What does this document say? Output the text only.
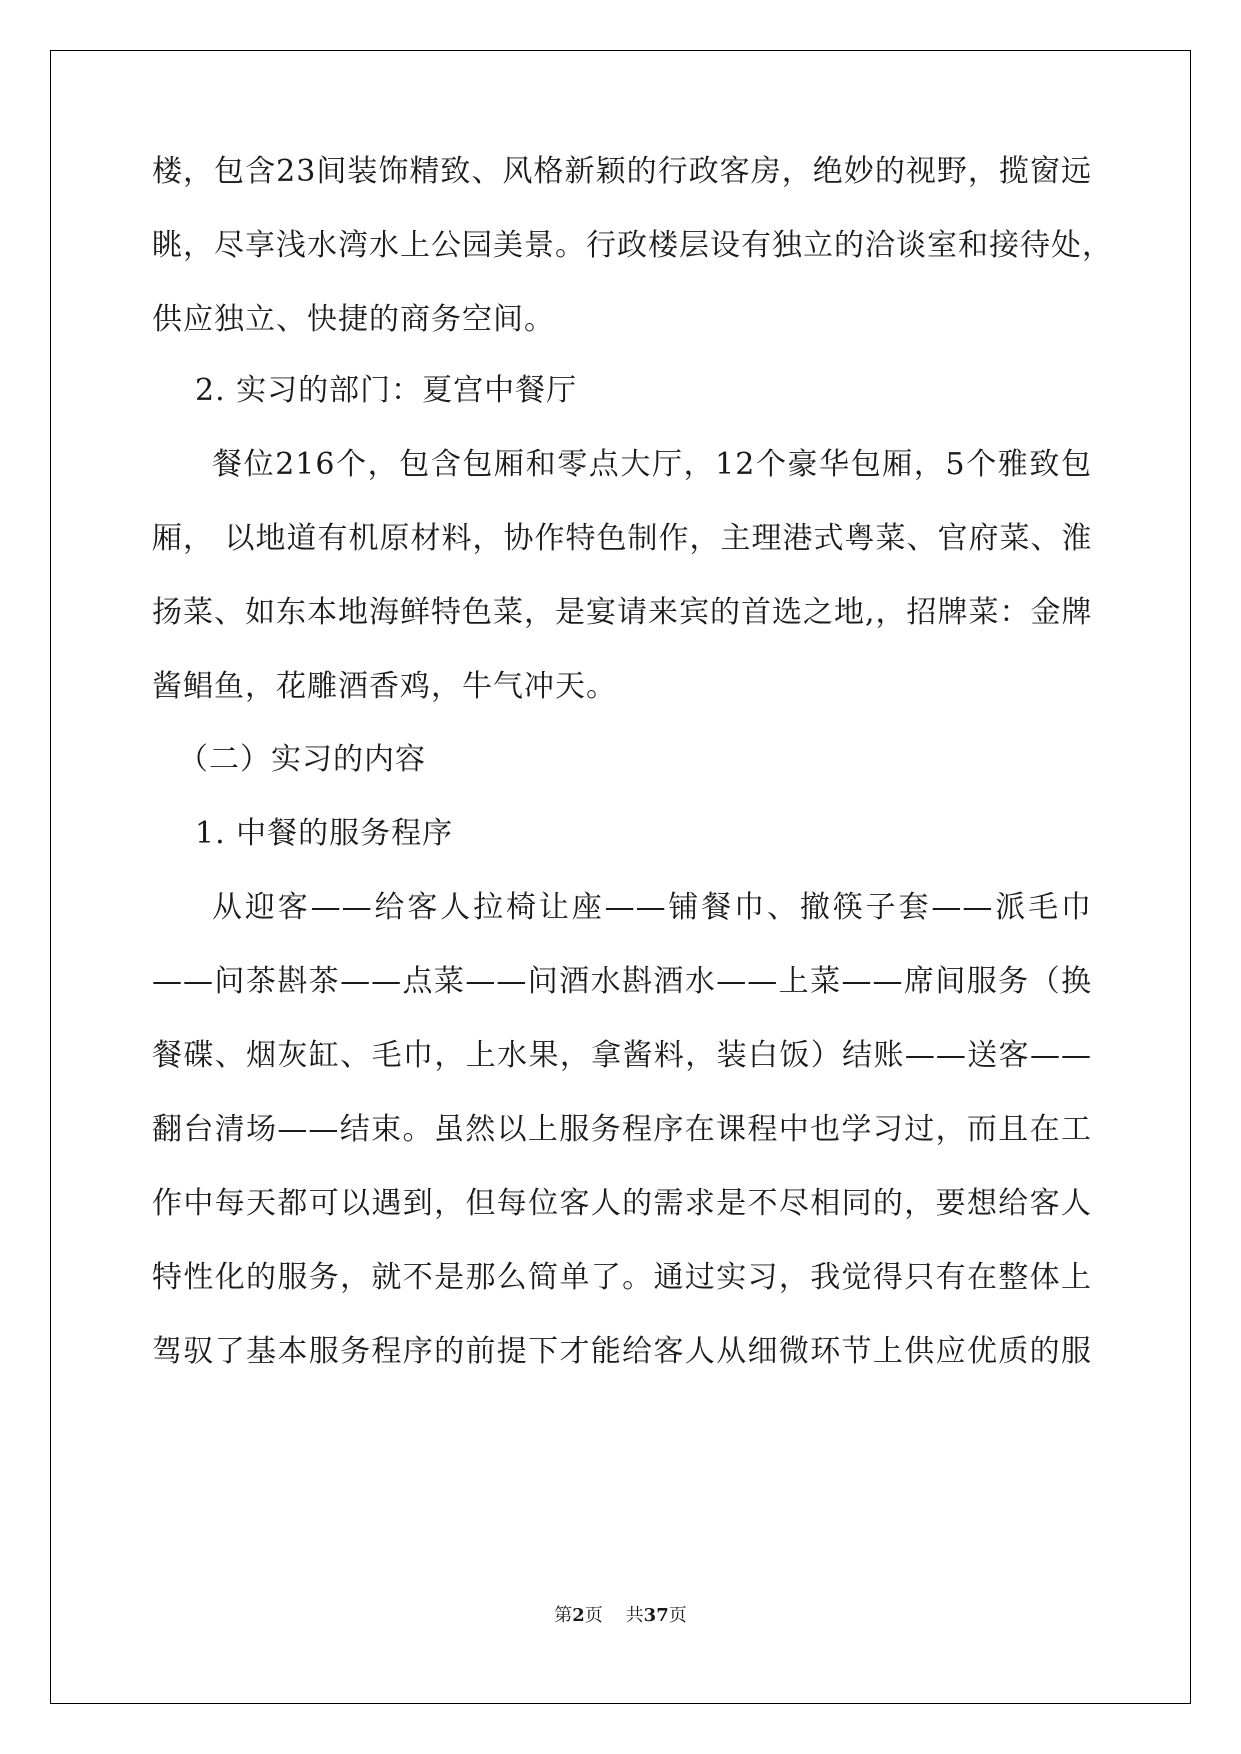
楼，包含23间装饰精致、风格新颖的行政客房，绝妙的视野，揽窗远
眺，尽享浅水湾水上公园美景。行政楼层设有独立的洽谈室和接待处，
供应独立、快捷的商务空间。
2. 实习的部门：夏宫中餐厅
餐位216个，包含包厢和零点大厅，12个豪华包厢，5个雅致包
厢， 以地道有机原材料，协作特色制作，主理港式粤菜、官府菜、淮
扬菜、如东本地海鲜特色菜，是宴请来宾的首选之地,，招牌菜：金牌
酱鲳鱼，花雕酒香鸡，牛气冲天。
（二）实习的内容
1. 中餐的服务程序
从迎客——给客人拉椅让座——铺餐巾、撤筷子套——派毛巾
——问茶斟茶——点菜——问酒水斟酒水——上菜——席间服务（换
餐碟、烟灰缸、毛巾，上水果，拿酱料，装白饭）结账——送客——
翻台清场——结束。虽然以上服务程序在课程中也学习过，而且在工
作中每天都可以遇到，但每位客人的需求是不尽相同的，要想给客人
特性化的服务，就不是那么简单了。通过实习，我觉得只有在整体上
驾驭了基本服务程序的前提下才能给客人从细微环节上供应优质的服
第2页 共37页
